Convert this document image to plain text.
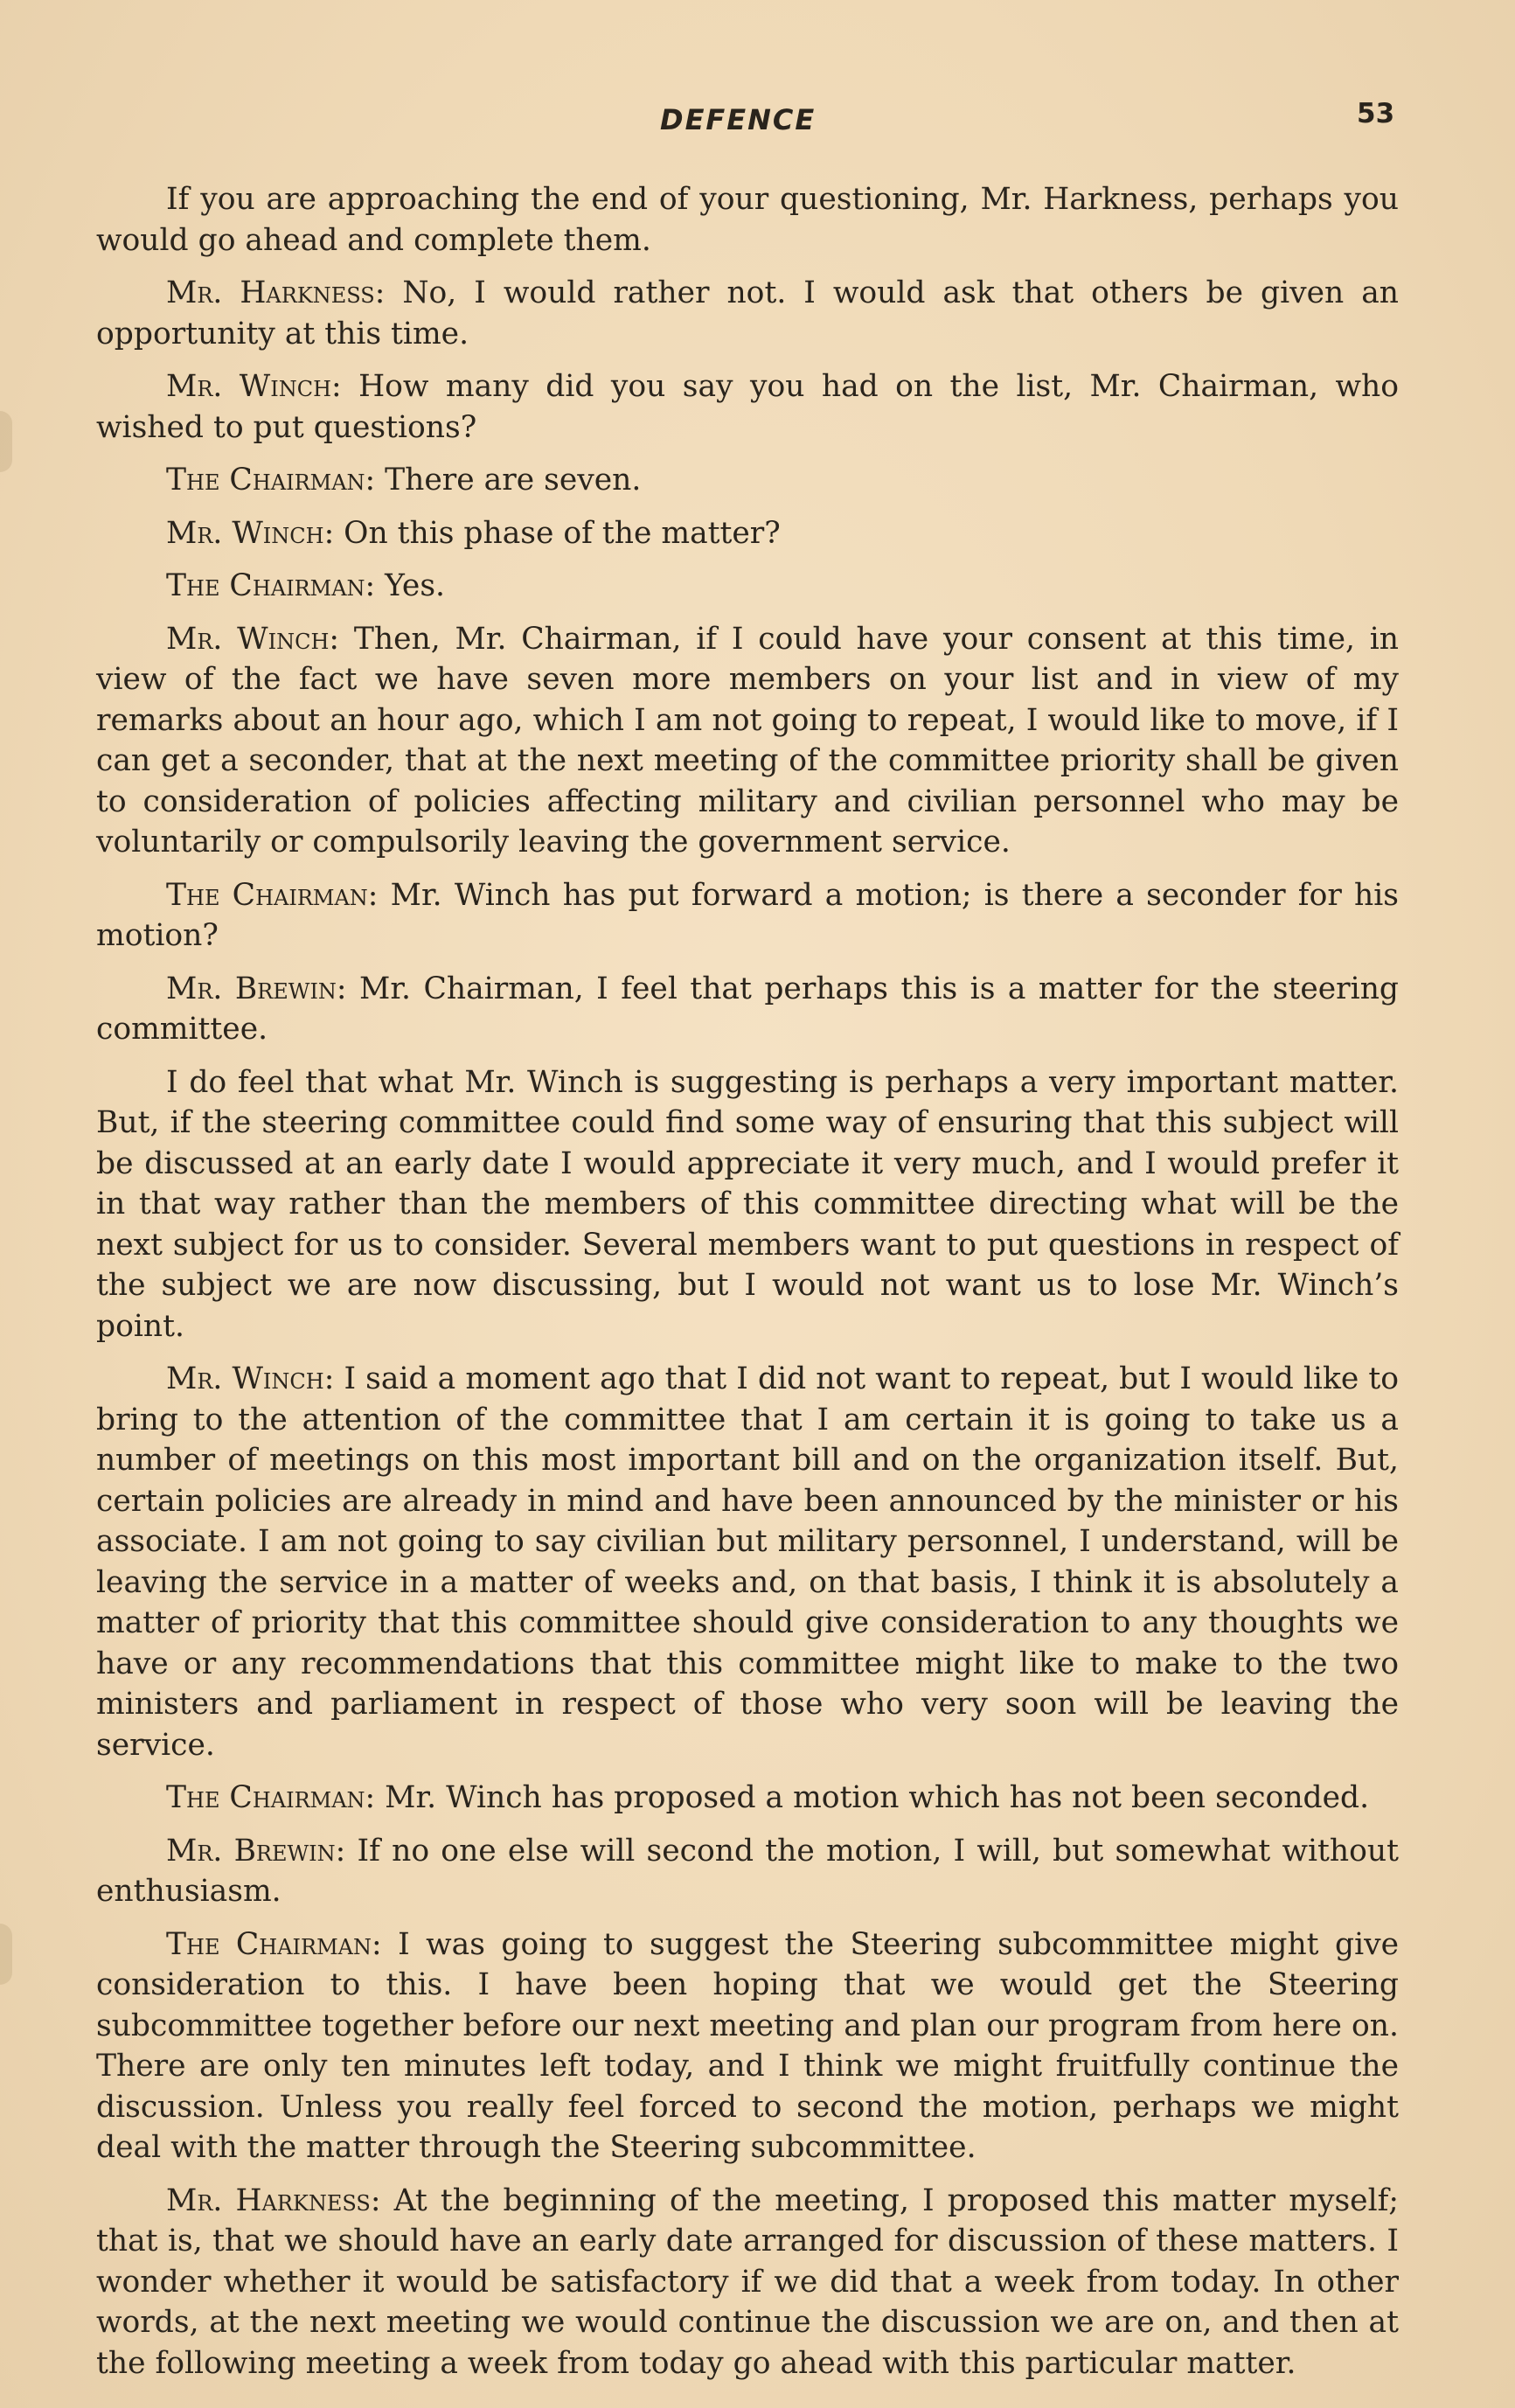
DEFENCE	53

If you are approaching the end of your questioning, Mr. Harkness, perhaps you would go ahead and complete them.

Mr. Harkness: No, I would rather not. I would ask that others be given an opportunity at this time.

Mr. Winch: How many did you say you had on the list, Mr. Chairman, who wished to put questions?

The Chairman: There are seven.

Mr. Winch: On this phase of the matter?

The Chairman: Yes.

Mr. Winch: Then, Mr. Chairman, if I could have your consent at this time, in view of the fact we have seven more members on your list and in view of my remarks about an hour ago, which I am not going to repeat, I would like to move, if I can get a seconder, that at the next meeting of the committee priority shall be given to consideration of policies affecting military and civilian personnel who may be voluntarily or compulsorily leaving the government service.

The Chairman: Mr. Winch has put forward a motion; is there a seconder for his motion?

Mr. Brewin: Mr. Chairman, I feel that perhaps this is a matter for the steering committee.

I do feel that what Mr. Winch is suggesting is perhaps a very important matter. But, if the steering committee could find some way of ensuring that this subject will be discussed at an early date I would appreciate it very much, and I would prefer it in that way rather than the members of this committee directing what will be the next subject for us to consider. Several members want to put questions in respect of the subject we are now discussing, but I would not want us to lose Mr. Winch’s point.

Mr. Winch: I said a moment ago that I did not want to repeat, but I would like to bring to the attention of the committee that I am certain it is going to take us a number of meetings on this most important bill and on the organization itself. But, certain policies are already in mind and have been announced by the minister or his associate. I am not going to say civilian but military personnel, I understand, will be leaving the service in a matter of weeks and, on that basis, I think it is absolutely a matter of priority that this committee should give consideration to any thoughts we have or any recommendations that this committee might like to make to the two ministers and parliament in respect of those who very soon will be leaving the service.

The Chairman: Mr. Winch has proposed a motion which has not been seconded.

Mr. Brewin: If no one else will second the motion, I will, but somewhat without enthusiasm.

The Chairman: I was going to suggest the Steering subcommittee might give consideration to this. I have been hoping that we would get the Steering subcommittee together before our next meeting and plan our program from here on. There are only ten minutes left today, and I think we might fruitfully continue the discussion. Unless you really feel forced to second the motion, perhaps we might deal with the matter through the Steering subcommittee.

Mr. Harkness: At the beginning of the meeting, I proposed this matter myself; that is, that we should have an early date arranged for discussion of these matters. I wonder whether it would be satisfactory if we did that a week from today. In other words, at the next meeting we would continue the discussion we are on, and then at the following meeting a week from today go ahead with this particular matter.
